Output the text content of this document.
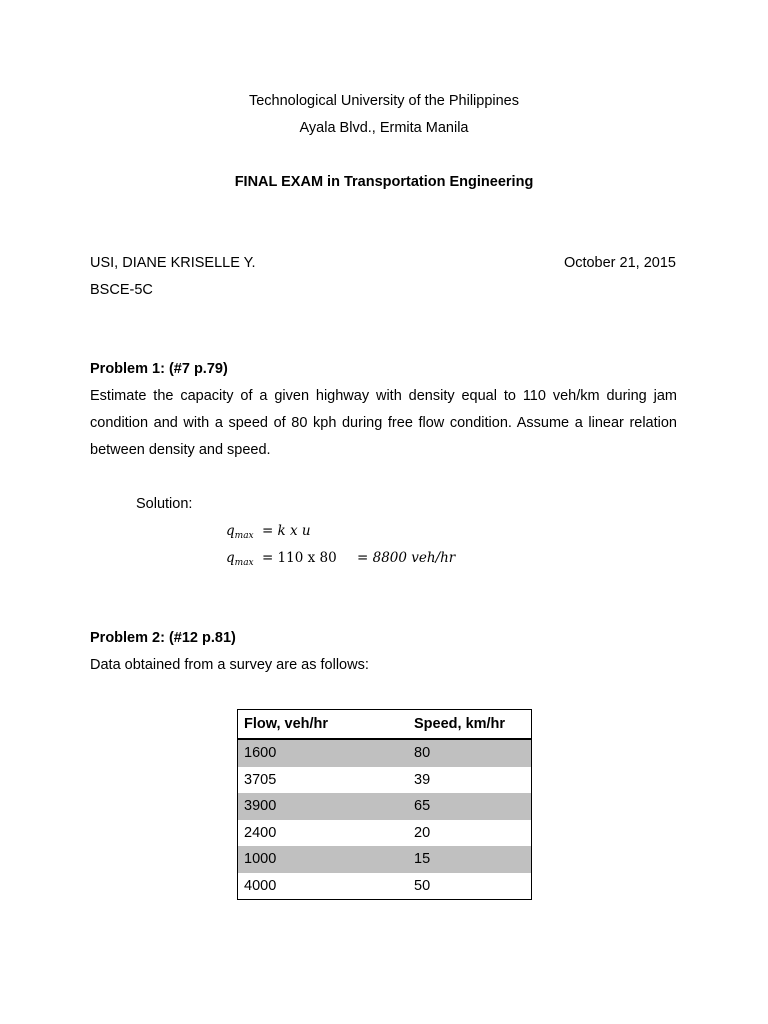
Technological University of the Philippines
Ayala Blvd., Ermita Manila
FINAL EXAM in Transportation Engineering
USI, DIANE KRISELLE Y.	October 21, 2015
BSCE-5C
Problem 1: (#7 p.79)
Estimate the capacity of a given highway with density equal to 110 veh/km during jam condition and with a speed of 80 kph during free flow condition. Assume a linear relation between density and speed.
Solution:
$q_{max} = k$ x u
$q_{max} = 110$ x 80 = 8800 veh/hr
Problem 2: (#12 p.81)
Data obtained from a survey are as follows:
Flow, veh/hr	Speed, km/hr
1600	80
3705	39
3900	65
2400	20
1000	15
4000	50
